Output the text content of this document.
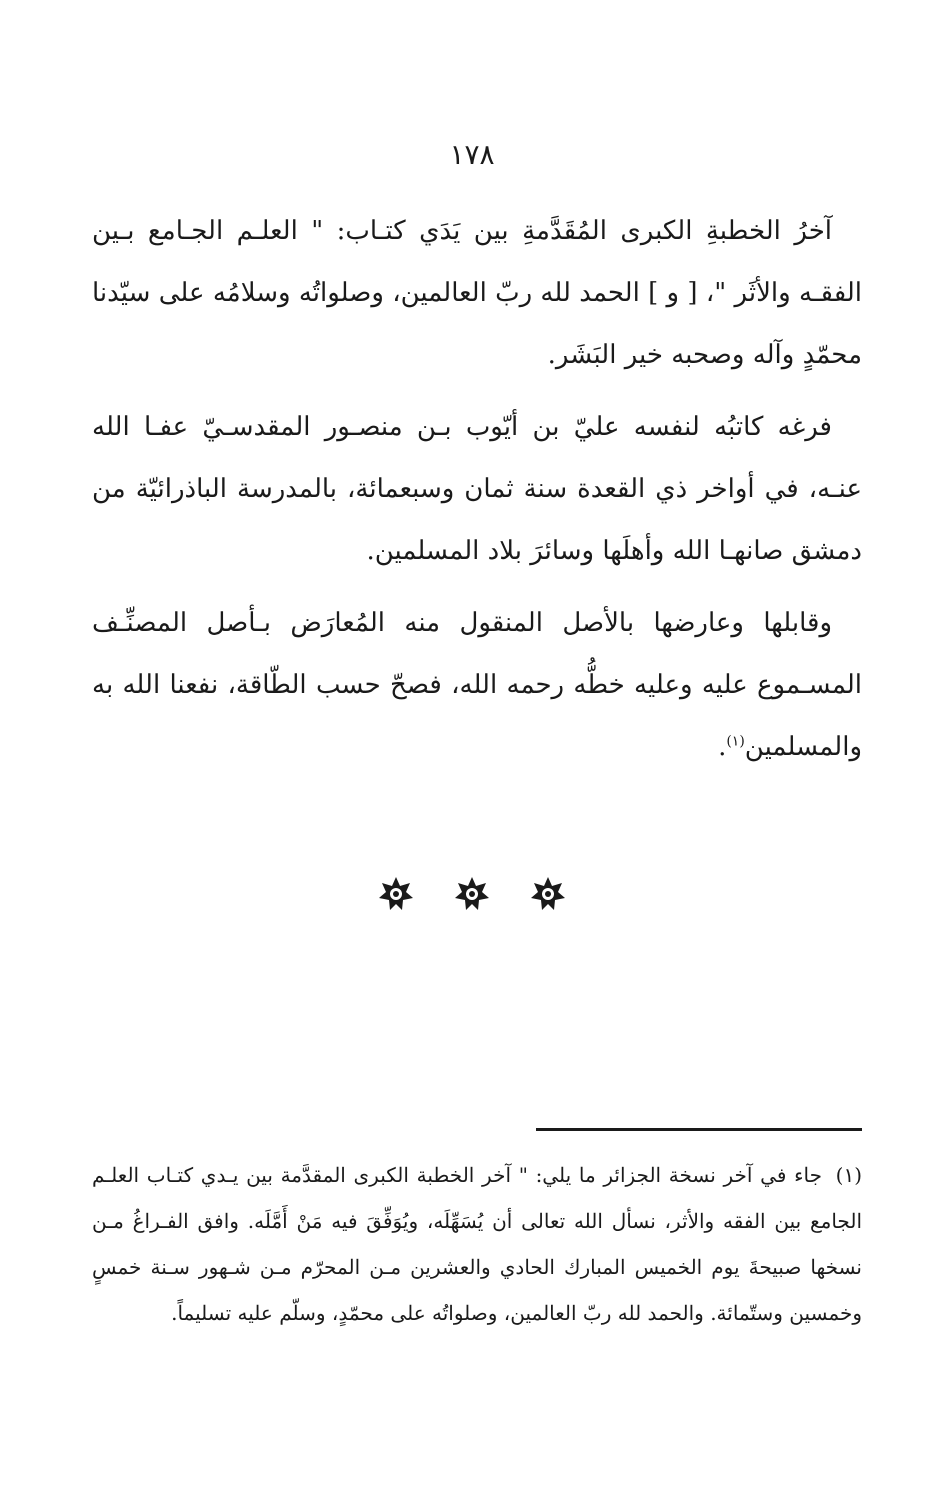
١٧٨

آخرُ الخطبةِ الكبرى المُقَدَّمةِ بين يَدَي كتـاب: " العلـم الجـامع بـين الفقـه والأثَر "، [ و ] الحمد لله ربّ العالمين، وصلواتُه وسلامُه على سيّدنا محمّدٍ وآله وصحبه خير البَشَر.

فرغه كاتبُه لنفسه عليّ بن أيّوب بـن منصـور المقدسـيّ عفـا الله عنـه، في أواخر ذي القعدة سنة ثمان وسبعمائة، بالمدرسة الباذرائيّة من دمشق صانهـا الله وأهلَها وسائرَ بلاد المسلمين.

وقابلها وعارضها بالأصل المنقول منه المُعارَض بـأصل المصنِّـف المسـموع عليه وعليه خطُّه رحمه الله، فصحّ حسب الطّاقة، نفعنا الله به والمسلمين$^{(١)}$.

(١) جاء في آخر نسخة الجزائر ما يلي: " آخر الخطبة الكبرى المقدَّمة بين يـدي كتـاب العلـم الجامع بين الفقه والأثر، نسأل الله تعالى أن يُسَهِّلَه، ويُوَفِّقَ فيه مَنْ أَمَّلَه. وافق الفـراغُ مـن نسخها صبيحةَ يوم الخميس المبارك الحادي والعشرين مـن المحرّم مـن شـهور سـنة خمسٍ وخمسين وستّمائة. والحمد لله ربّ العالمين، وصلواتُه على محمّدٍ، وسلّم عليه تسليماً.
